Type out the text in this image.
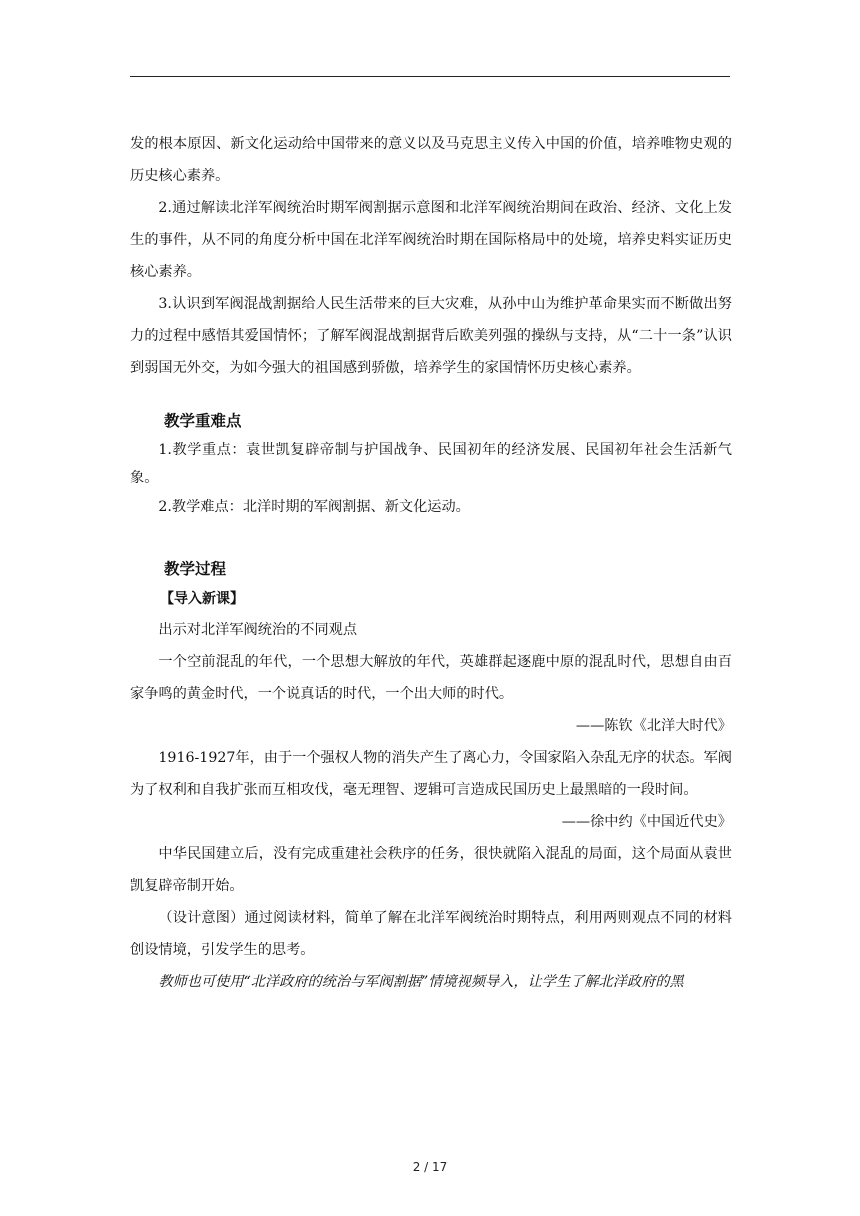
发的根本原因、新文化运动给中国带来的意义以及马克思主义传入中国的价值，培养唯物史观的历史核心素养。

2.通过解读北洋军阀统治时期军阀割据示意图和北洋军阀统治期间在政治、经济、文化上发生的事件，从不同的角度分析中国在北洋军阀统治时期在国际格局中的处境，培养史料实证历史核心素养。

3.认识到军阀混战割据给人民生活带来的巨大灾难，从孙中山为维护革命果实而不断做出努力的过程中感悟其爱国情怀；了解军阀混战割据背后欧美列强的操纵与支持，从“二十一条”认识到弱国无外交，为如今强大的祖国感到骄傲，培养学生的家国情怀历史核心素养。

教学重难点

1.教学重点：袁世凯复辟帝制与护国战争、民国初年的经济发展、民国初年社会生活新气象。

2.教学难点：北洋时期的军阀割据、新文化运动。

教学过程

【导入新课】

出示对北洋军阀统治的不同观点

一个空前混乱的年代，一个思想大解放的年代，英雄群起逐鹿中原的混乱时代，思想自由百家争鸣的黄金时代，一个说真话的时代，一个出大师的时代。

——陈钦《北洋大时代》

1916-1927年，由于一个强权人物的消失产生了离心力，令国家陷入杂乱无序的状态。军阀为了权利和自我扩张而互相攻伐，毫无理智、逻辑可言造成民国历史上最黑暗的一段时间。

——徐中约《中国近代史》

中华民国建立后，没有完成重建社会秩序的任务，很快就陷入混乱的局面，这个局面从袁世凯复辟帝制开始。

（设计意图）通过阅读材料，简单了解在北洋军阀统治时期特点，利用两则观点不同的材料创设情境，引发学生的思考。

教师也可使用“北洋政府的统治与军阀割据”情境视频导入，让学生了解北洋政府的黑

2 / 17
